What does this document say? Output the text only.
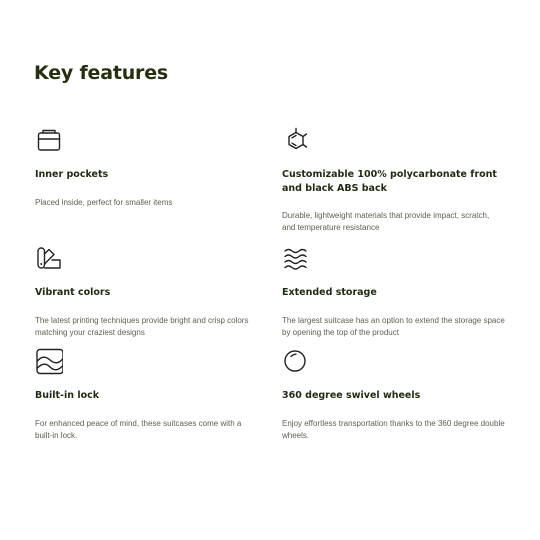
Key features

Inner pockets

Placed inside, perfect for smaller items

Customizable 100% polycarbonate front and black ABS back

Durable, lightweight materials that provide impact, scratch, and temperature resistance

Vibrant colors

The latest printing techniques provide bright and crisp colors matching your craziest designs

Extended storage

The largest suitcase has an option to extend the storage space by opening the top of the product

Built-in lock

For enhanced peace of mind, these suitcases come with a built-in lock.

360 degree swivel wheels

Enjoy effortless transportation thanks to the 360 degree double wheels.
